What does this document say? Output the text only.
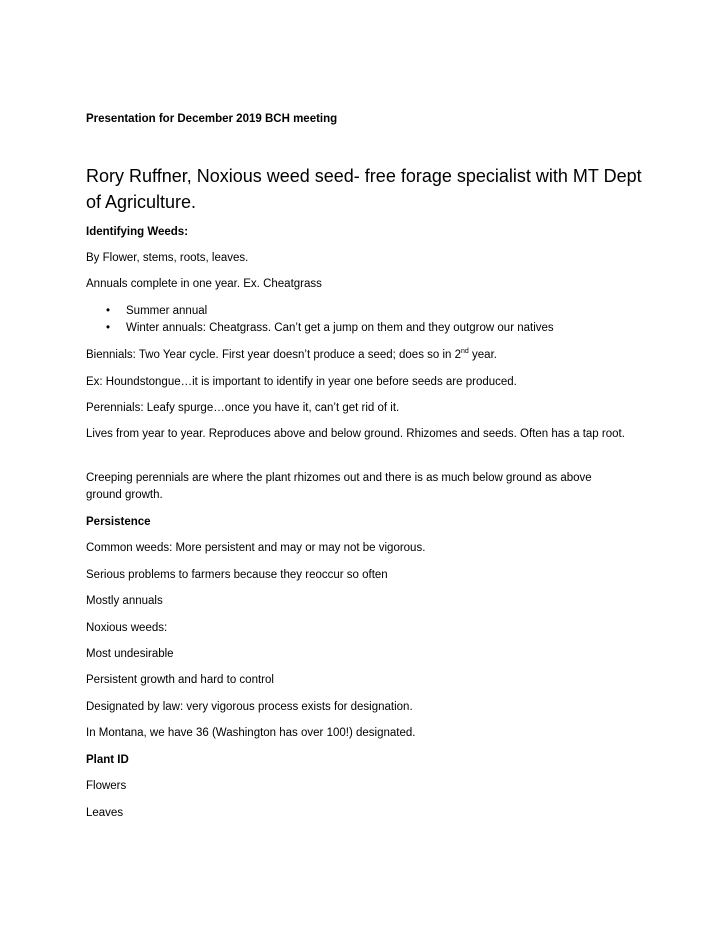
Presentation for December 2019 BCH meeting
Rory Ruffner, Noxious weed seed- free forage specialist with MT Dept of Agriculture.
Identifying Weeds:
By Flower, stems, roots, leaves.
Annuals complete in one year. Ex. Cheatgrass
• Summer annual
• Winter annuals: Cheatgrass. Can’t get a jump on them and they outgrow our natives
Biennials: Two Year cycle. First year doesn’t produce a seed; does so in 2nd year.
Ex: Houndstongue…it is important to identify in year one before seeds are produced.
Perennials: Leafy spurge…once you have it, can’t get rid of it.
Lives from year to year. Reproduces above and below ground. Rhizomes and seeds. Often has a tap root.
Creeping perennials are where the plant rhizomes out and there is as much below ground as above ground growth.
Persistence
Common weeds: More persistent and may or may not be vigorous.
Serious problems to farmers because they reoccur so often
Mostly annuals
Noxious weeds:
Most undesirable
Persistent growth and hard to control
Designated by law: very vigorous process exists for designation.
In Montana, we have 36 (Washington has over 100!) designated.
Plant ID
Flowers
Leaves
